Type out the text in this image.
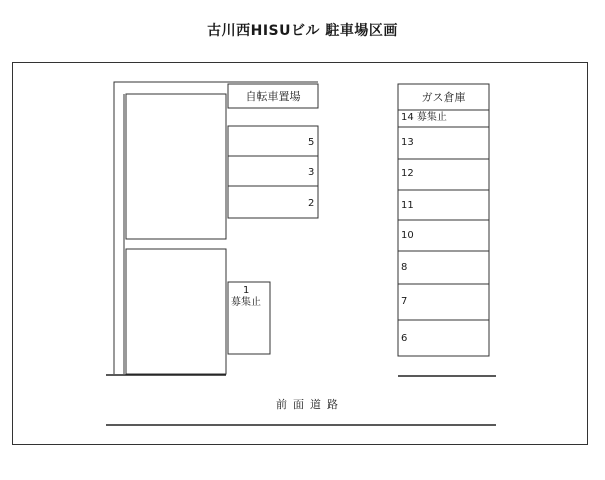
古川西HISUビル 駐車場区画
自転車置場	ガス倉庫
5
3
2
1
募集止
14 募集止
13
12
11
10
8
7
6
前面道路
